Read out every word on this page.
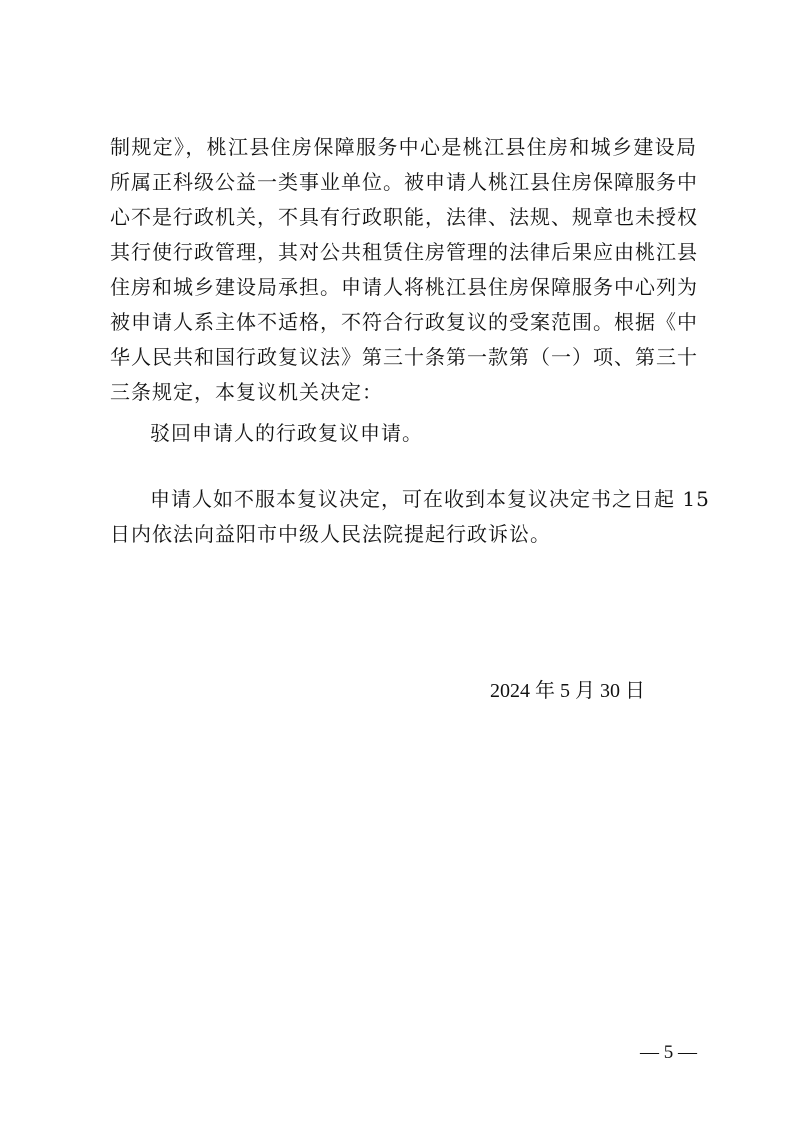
制规定》，桃江县住房保障服务中心是桃江县住房和城乡建设局
所属正科级公益一类事业单位。被申请人桃江县住房保障服务中
心不是行政机关，不具有行政职能，法律、法规、规章也未授权
其行使行政管理，其对公共租赁住房管理的法律后果应由桃江县
住房和城乡建设局承担。申请人将桃江县住房保障服务中心列为
被申请人系主体不适格，不符合行政复议的受案范围。根据《中
华人民共和国行政复议法》第三十条第一款第（一）项、第三十
三条规定，本复议机关决定：
驳回申请人的行政复议申请。
申请人如不服本复议决定，可在收到本复议决定书之日起 15
日内依法向益阳市中级人民法院提起行政诉讼。
2024 年 5 月 30 日
— 5 —
